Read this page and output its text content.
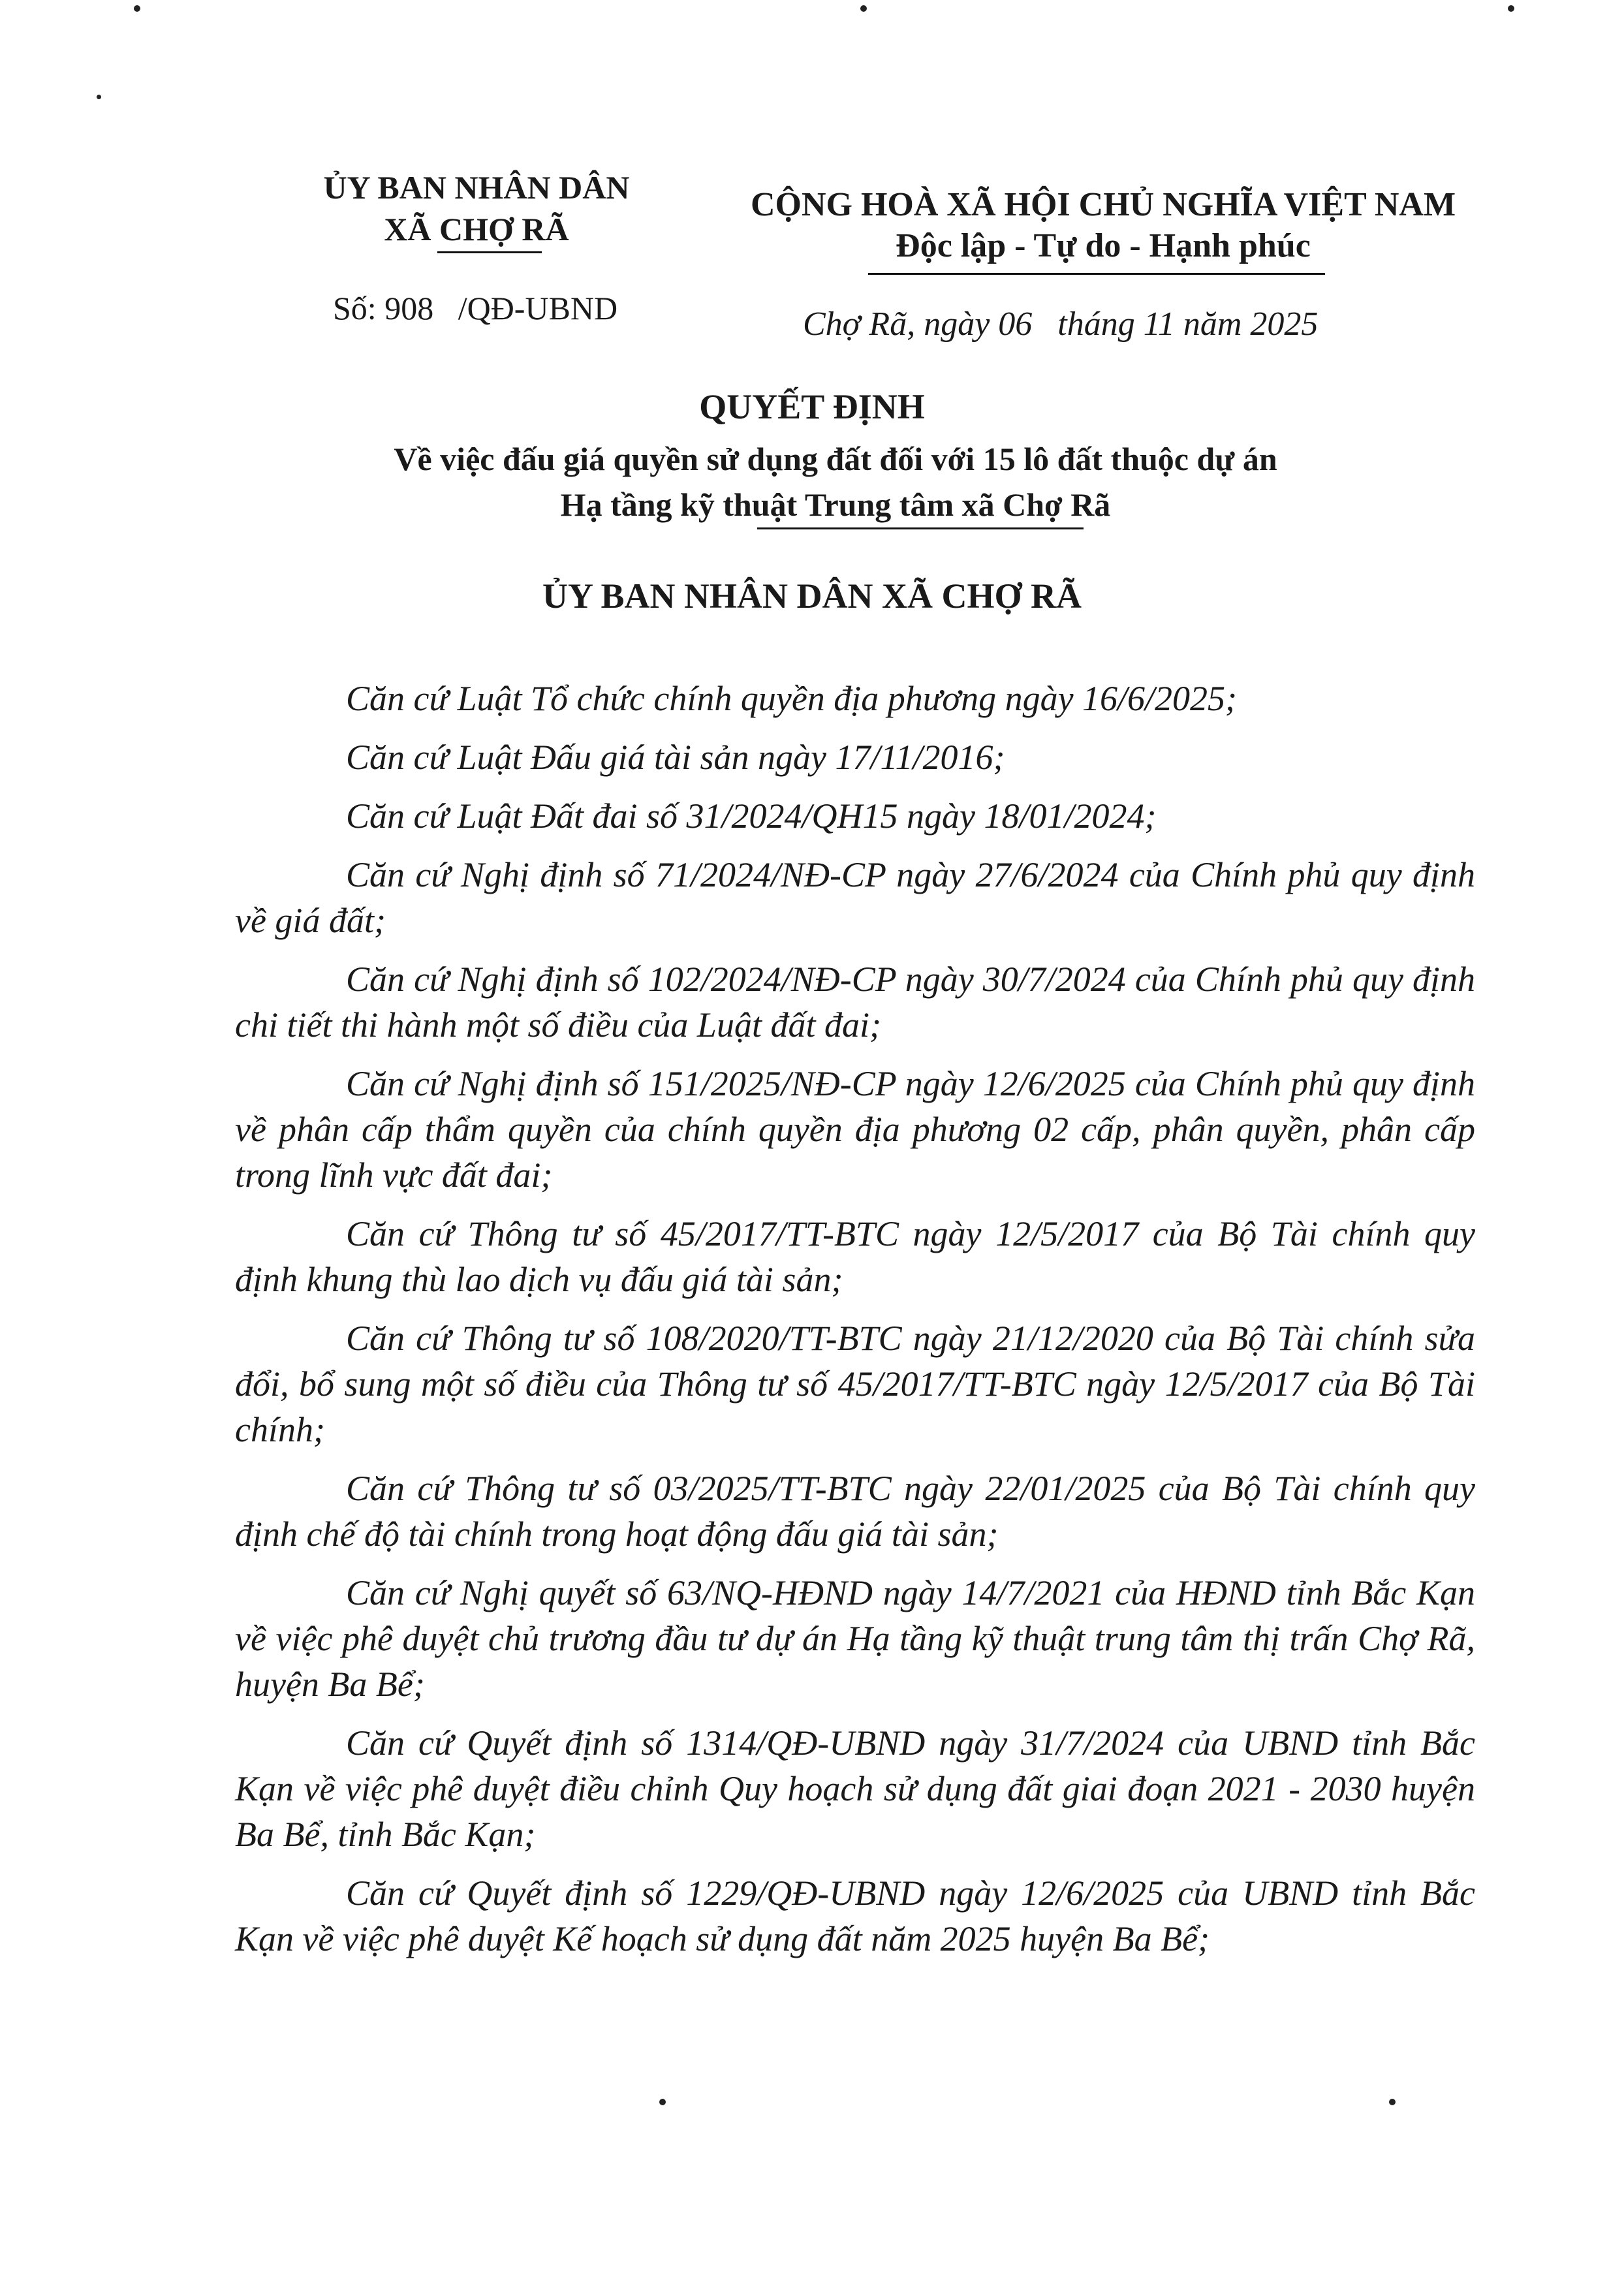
ỦY BAN NHÂN DÂN
XÃ CHỢ RÃ
CỘNG HOÀ XÃ HỘI CHỦ NGHĨA VIỆT NAM
Độc lập - Tự do - Hạnh phúc
Số: 908   /QĐ-UBND	Chợ Rã, ngày 06   tháng 11 năm 2025
QUYẾT ĐỊNH
Về việc đấu giá quyền sử dụng đất đối với 15 lô đất thuộc dự án
Hạ tầng kỹ thuật Trung tâm xã Chợ Rã
ỦY BAN NHÂN DÂN XÃ CHỢ RÃ

Căn cứ Luật Tổ chức chính quyền địa phương ngày 16/6/2025;

Căn cứ Luật Đấu giá tài sản ngày 17/11/2016;

Căn cứ Luật Đất đai số 31/2024/QH15 ngày 18/01/2024;

Căn cứ Nghị định số 71/2024/NĐ-CP ngày 27/6/2024 của Chính phủ quy định về giá đất;

Căn cứ Nghị định số 102/2024/NĐ-CP ngày 30/7/2024 của Chính phủ quy định chi tiết thi hành một số điều của Luật đất đai;

Căn cứ Nghị định số 151/2025/NĐ-CP ngày 12/6/2025 của Chính phủ quy định về phân cấp thẩm quyền của chính quyền địa phương 02 cấp, phân quyền, phân cấp trong lĩnh vực đất đai;

Căn cứ Thông tư số 45/2017/TT-BTC ngày 12/5/2017 của Bộ Tài chính quy định khung thù lao dịch vụ đấu giá tài sản;

Căn cứ Thông tư số 108/2020/TT-BTC ngày 21/12/2020 của Bộ Tài chính sửa đổi, bổ sung một số điều của Thông tư số 45/2017/TT-BTC ngày 12/5/2017 của Bộ Tài chính;

Căn cứ Thông tư số 03/2025/TT-BTC ngày 22/01/2025 của Bộ Tài chính quy định chế độ tài chính trong hoạt động đấu giá tài sản;

Căn cứ Nghị quyết số 63/NQ-HĐND ngày 14/7/2021 của HĐND tỉnh Bắc Kạn về việc phê duyệt chủ trương đầu tư dự án Hạ tầng kỹ thuật trung tâm thị trấn Chợ Rã, huyện Ba Bể;

Căn cứ Quyết định số 1314/QĐ-UBND ngày 31/7/2024 của UBND tỉnh Bắc Kạn về việc phê duyệt điều chỉnh Quy hoạch sử dụng đất giai đoạn 2021 - 2030 huyện Ba Bể, tỉnh Bắc Kạn;

Căn cứ Quyết định số 1229/QĐ-UBND ngày 12/6/2025 của UBND tỉnh Bắc Kạn về việc phê duyệt Kế hoạch sử dụng đất năm 2025 huyện Ba Bể;
